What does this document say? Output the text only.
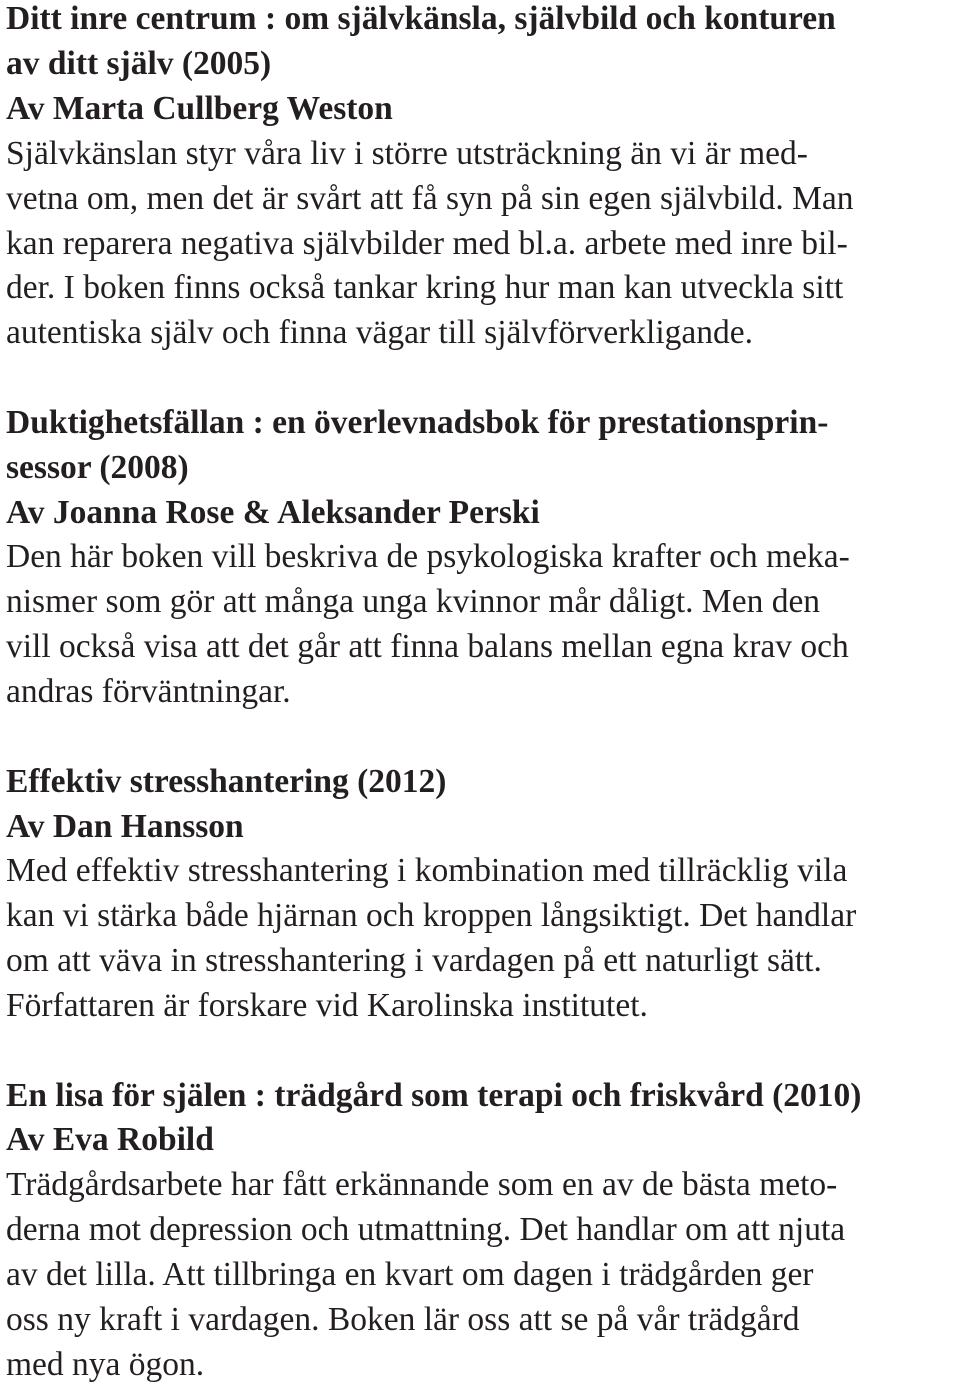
Ditt inre centrum : om självkänsla, självbild och konturen

av ditt själv (2005)

Av Marta Cullberg Weston

Självkänslan styr våra liv i större utsträckning än vi är med-

vetna om, men det är svårt att få syn på sin egen självbild. Man

kan reparera negativa självbilder med bl.a. arbete med inre bil-

der. I boken finns också tankar kring hur man kan utveckla sitt

autentiska själv och finna vägar till självförverkligande.

Duktighetsfällan : en överlevnadsbok för prestationsprin-

sessor (2008)

Av Joanna Rose & Aleksander Perski

Den här boken vill beskriva de psykologiska krafter och meka-

nismer som gör att många unga kvinnor mår dåligt. Men den

vill också visa att det går att finna balans mellan egna krav och

andras förväntningar.

Effektiv stresshantering (2012)

Av Dan Hansson

Med effektiv stresshantering i kombination med tillräcklig vila

kan vi stärka både hjärnan och kroppen långsiktigt. Det handlar

om att väva in stresshantering i vardagen på ett naturligt sätt.

Författaren är forskare vid Karolinska institutet.

En lisa för själen : trädgård som terapi och friskvård (2010)

Av Eva Robild

Trädgårdsarbete har fått erkännande som en av de bästa meto-

derna mot depression och utmattning. Det handlar om att njuta

av det lilla. Att tillbringa en kvart om dagen i trädgården ger

oss ny kraft i vardagen. Boken lär oss att se på vår trädgård

med nya ögon.
